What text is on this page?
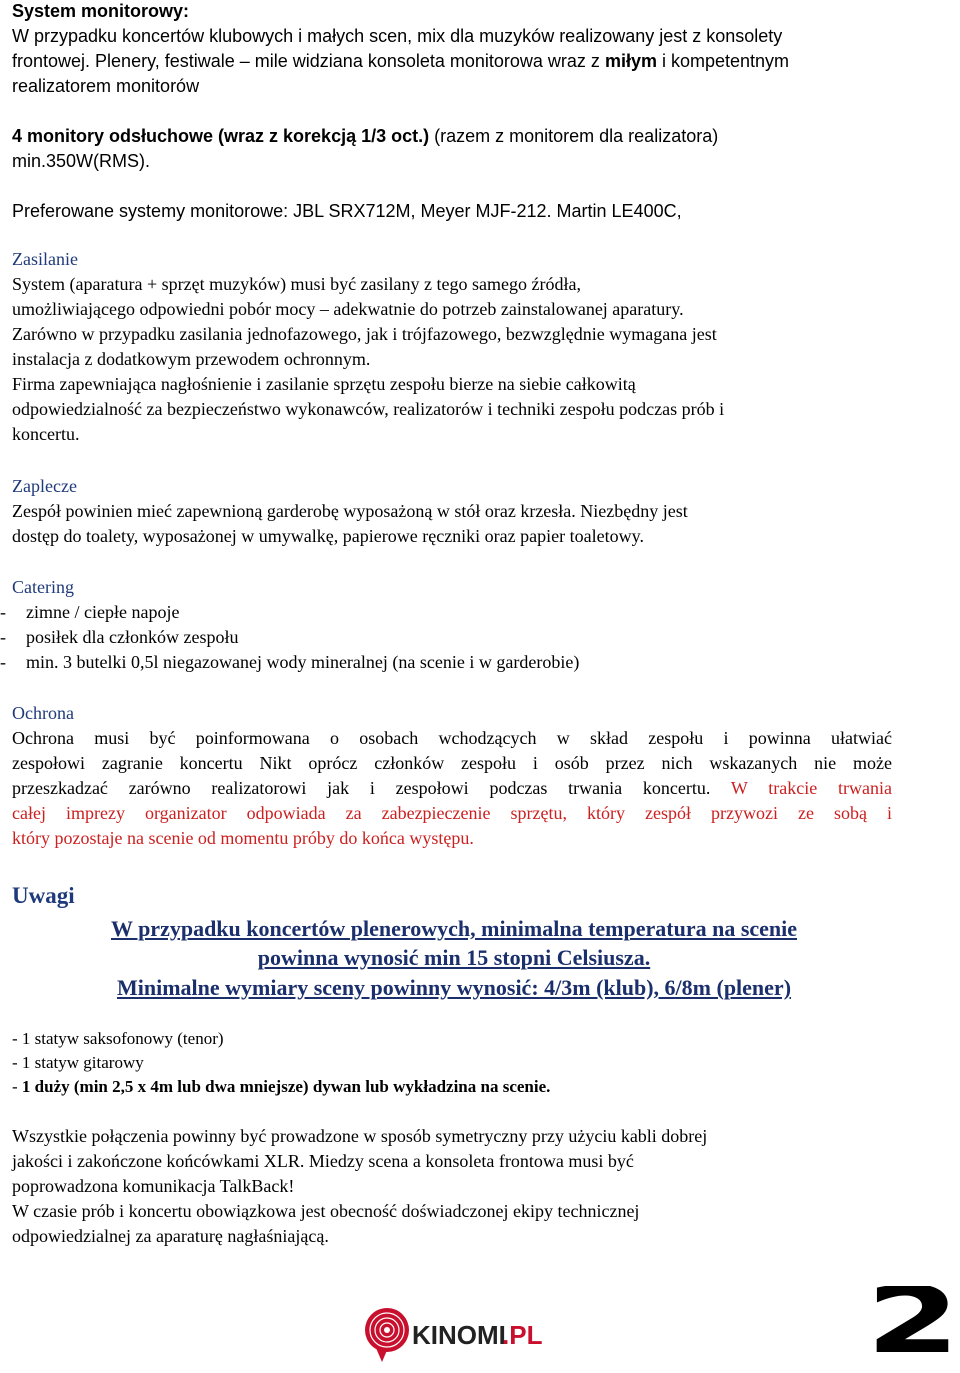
System monitorowy:

W przypadku koncertów klubowych i małych scen, mix dla muzyków realizowany jest z konsolety

frontowej. Plenery, festiwale – mile widziana konsoleta monitorowa wraz z miłym i kompetentnym

realizatorem monitorów

4 monitory odsłuchowe (wraz z korekcją 1/3 oct.) (razem z monitorem dla realizatora)

min.350W(RMS).

Preferowane systemy monitorowe: JBL SRX712M, Meyer MJF-212. Martin LE400C,

Zasilanie

System (aparatura + sprzęt muzyków) musi być zasilany z tego samego źródła,

umożliwiającego odpowiedni pobór mocy – adekwatnie do potrzeb zainstalowanej aparatury.

Zarówno w przypadku zasilania jednofazowego, jak i trójfazowego, bezwzględnie wymagana jest

instalacja z dodatkowym przewodem ochronnym.

Firma zapewniająca nagłośnienie i zasilanie sprzętu zespołu bierze na siebie całkowitą

odpowiedzialność za bezpieczeństwo wykonawców, realizatorów i techniki zespołu podczas prób i

koncertu.

Zaplecze

Zespół powinien mieć zapewnioną garderobę wyposażoną w stół oraz krzesła. Niezbędny jest

dostęp do toalety, wyposażonej w umywalkę, papierowe ręczniki oraz papier toaletowy.

Catering

-	zimne / ciepłe napoje
-	posiłek dla członków zespołu
-	min. 3 butelki 0,5l niegazowanej wody mineralnej (na scenie i w garderobie)

Ochrona

Ochrona musi być poinformowana o osobach wchodzących w skład zespołu i powinna ułatwiać

zespołowi zagranie koncertu Nikt oprócz członków zespołu i osób przez nich wskazanych nie może

przeszkadzać zarówno realizatorowi jak i zespołowi podczas trwania koncertu. W trakcie trwania

całej imprezy organizator odpowiada za zabezpieczenie sprzętu, który zespół przywozi ze sobą i

który pozostaje na scenie od momentu próby do końca występu.

Uwagi

W przypadku koncertów plenerowych, minimalna temperatura na scenie

powinna wynosić min 15 stopni Celsiusza.

Minimalne wymiary sceny powinny wynosić: 4/3m (klub), 6/8m (plener)

- 1 statyw saksofonowy (tenor)

- 1 statyw gitarowy

- 1 duży (min 2,5 x 4m lub dwa mniejsze) dywan lub wykładzina na scenie.

Wszystkie połączenia powinny być prowadzone w sposób symetryczny przy użyciu kabli dobrej

jakości i zakończone końcówkami XLR. Miedzy scena a konsoleta frontowa musi być

poprowadzona komunikacja TalkBack!

W czasie prób i koncertu obowiązkowa jest obecność doświadczonej ekipy technicznej

odpowiedzialnej za aparaturę nagłaśniającą.

KINOMI
.PL	2
